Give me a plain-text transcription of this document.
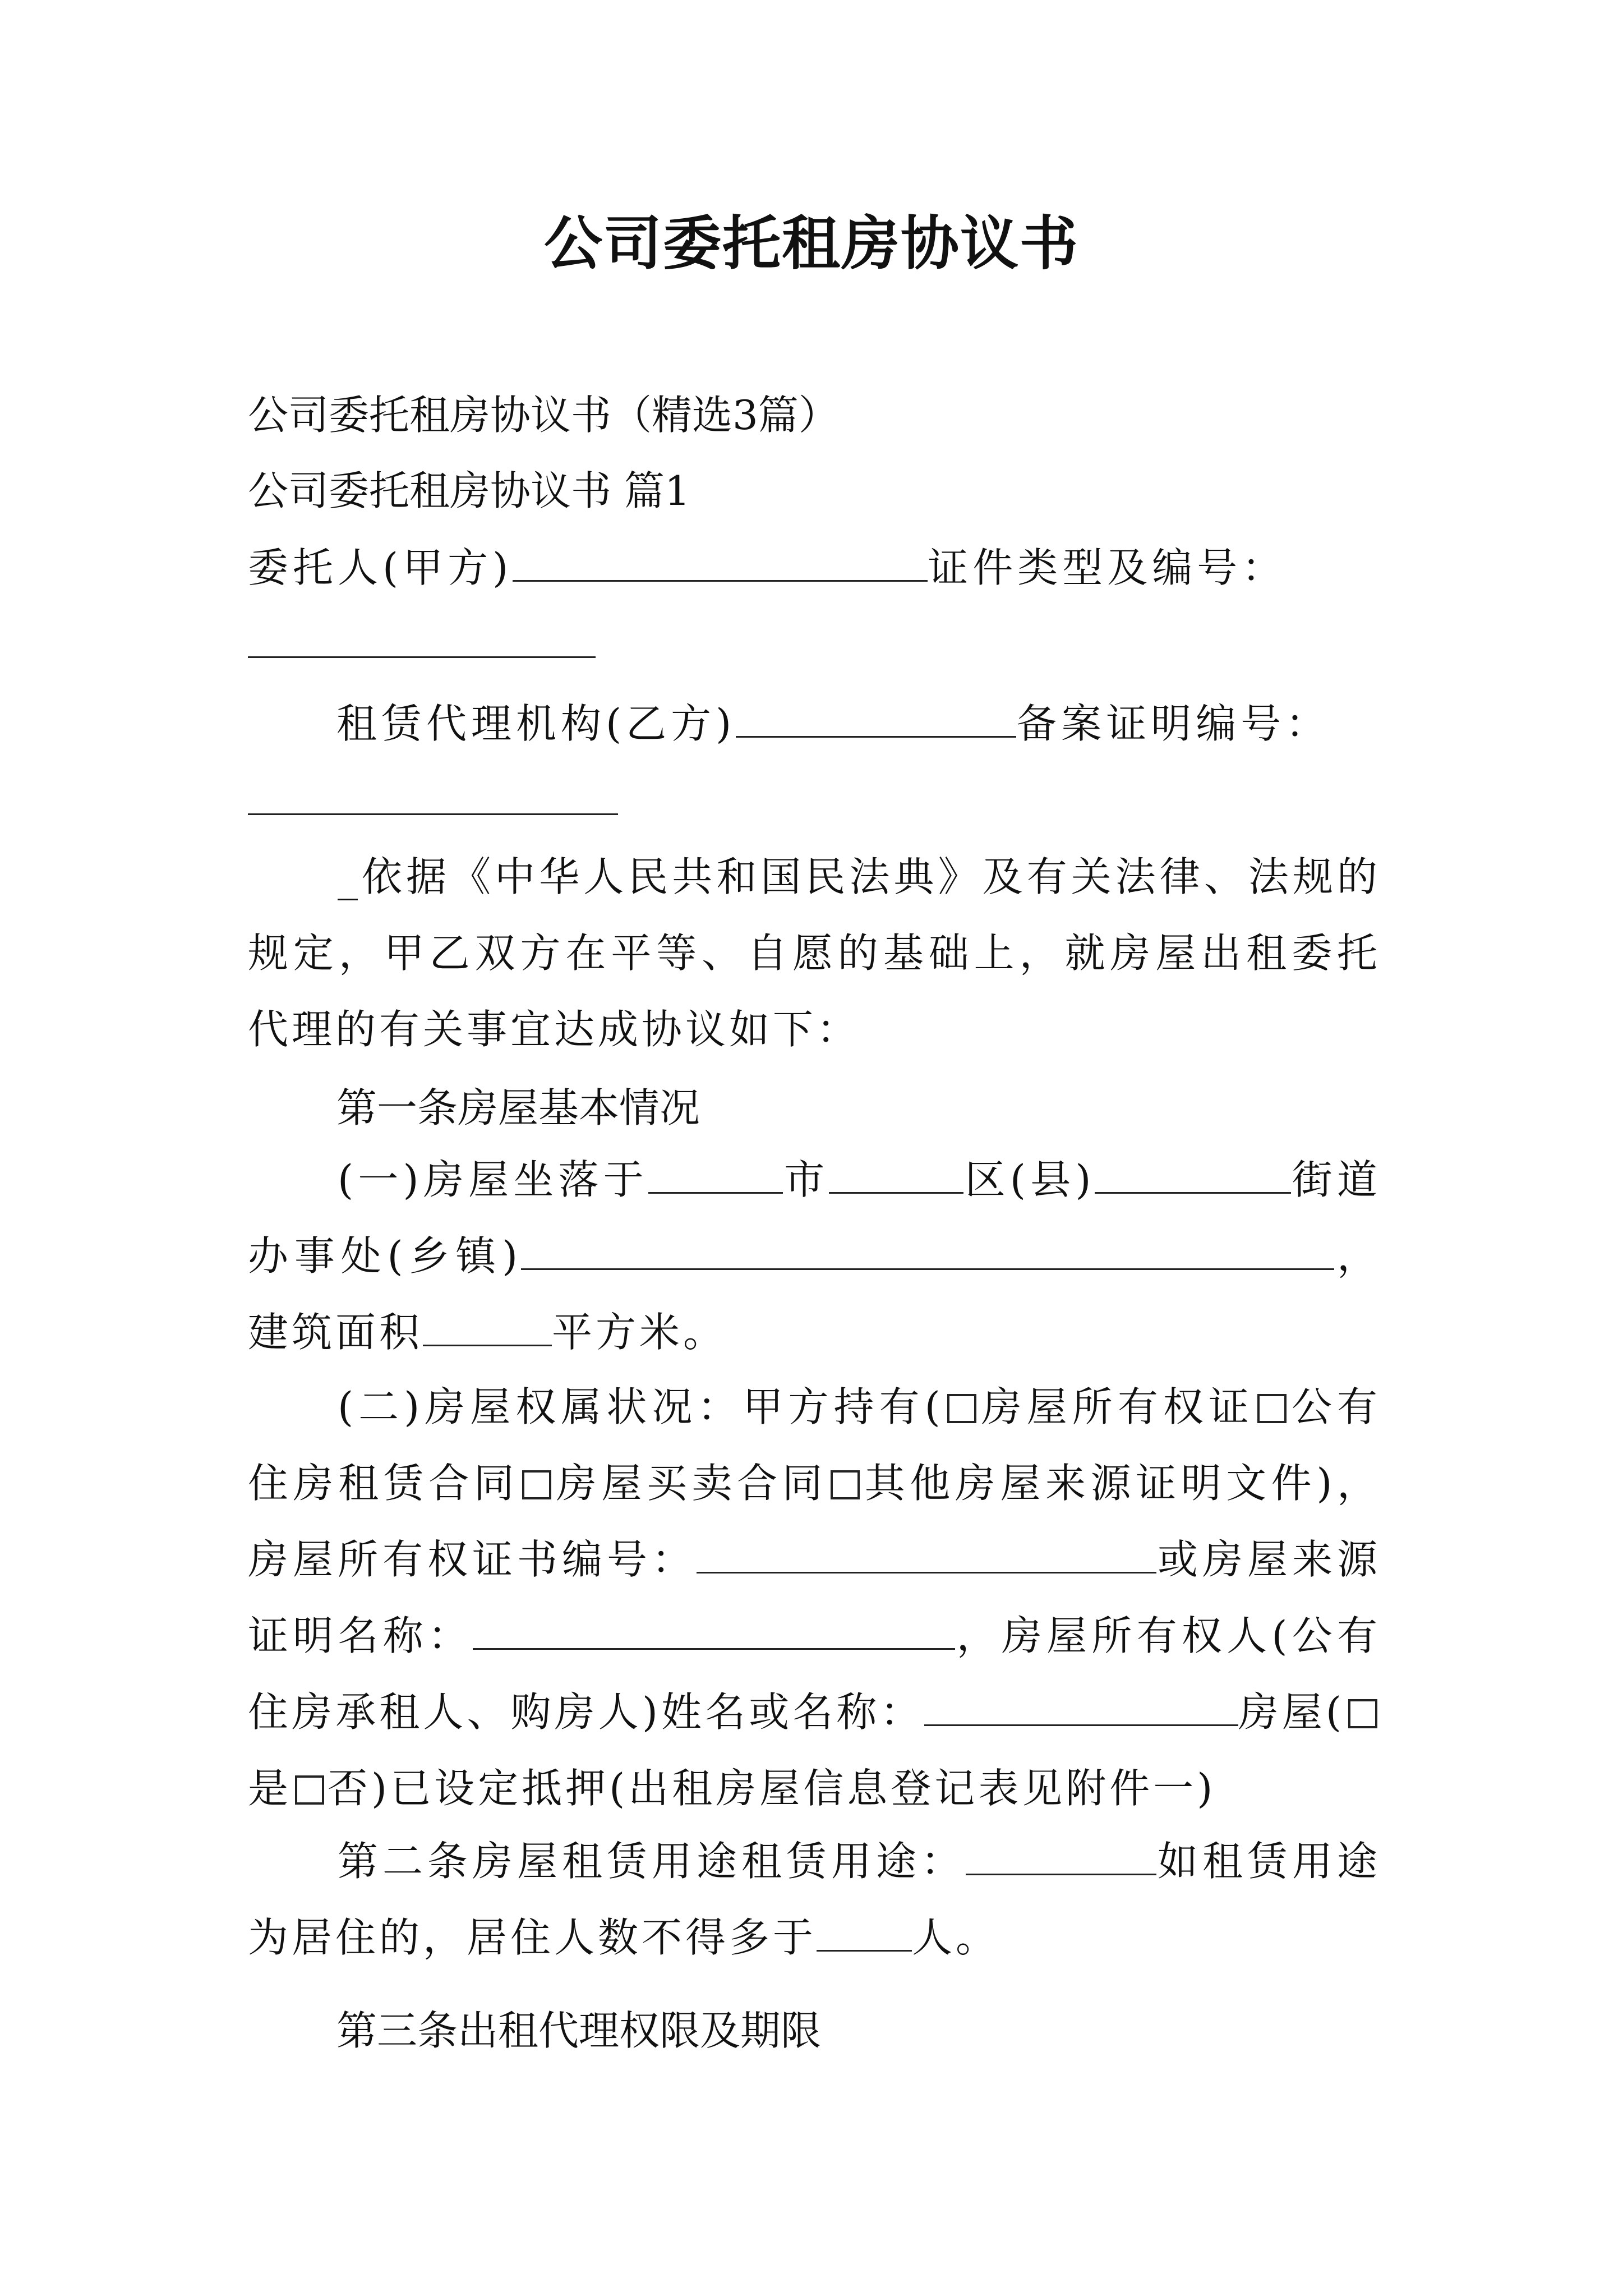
公司委托租房协议书
公司委托租房协议书（精选3篇）
公司委托租房协议书 篇1
委托人(甲方)	证件类型及编号：
租赁代理机构(乙方)	备案证明编号：
_依据《中华人民共和国民法典》及有关法律、法规的规定，甲乙双方在平等、自愿的基础上，就房屋出租委托代理的有关事宜达成协议如下：
第一条房屋基本情况
(一)房屋坐落于	市	区(县)	街道办事处(乡镇)	，建筑面积	平方米。
(二)房屋权属状况：甲方持有( 房屋所有权证 公有住房租赁合同 房屋买卖合同 其他房屋来源证明文件)，房屋所有权证书编号：	或房屋来源证明名称：	，房屋所有权人(公有住房承租人、购房人)姓名或名称：	房屋(是 否)已设定抵押(出租房屋信息登记表见附件一)
第二条房屋租赁用途租赁用途：	如租赁用途为居住的，居住人数不得多于 人。
第三条出租代理权限及期限
